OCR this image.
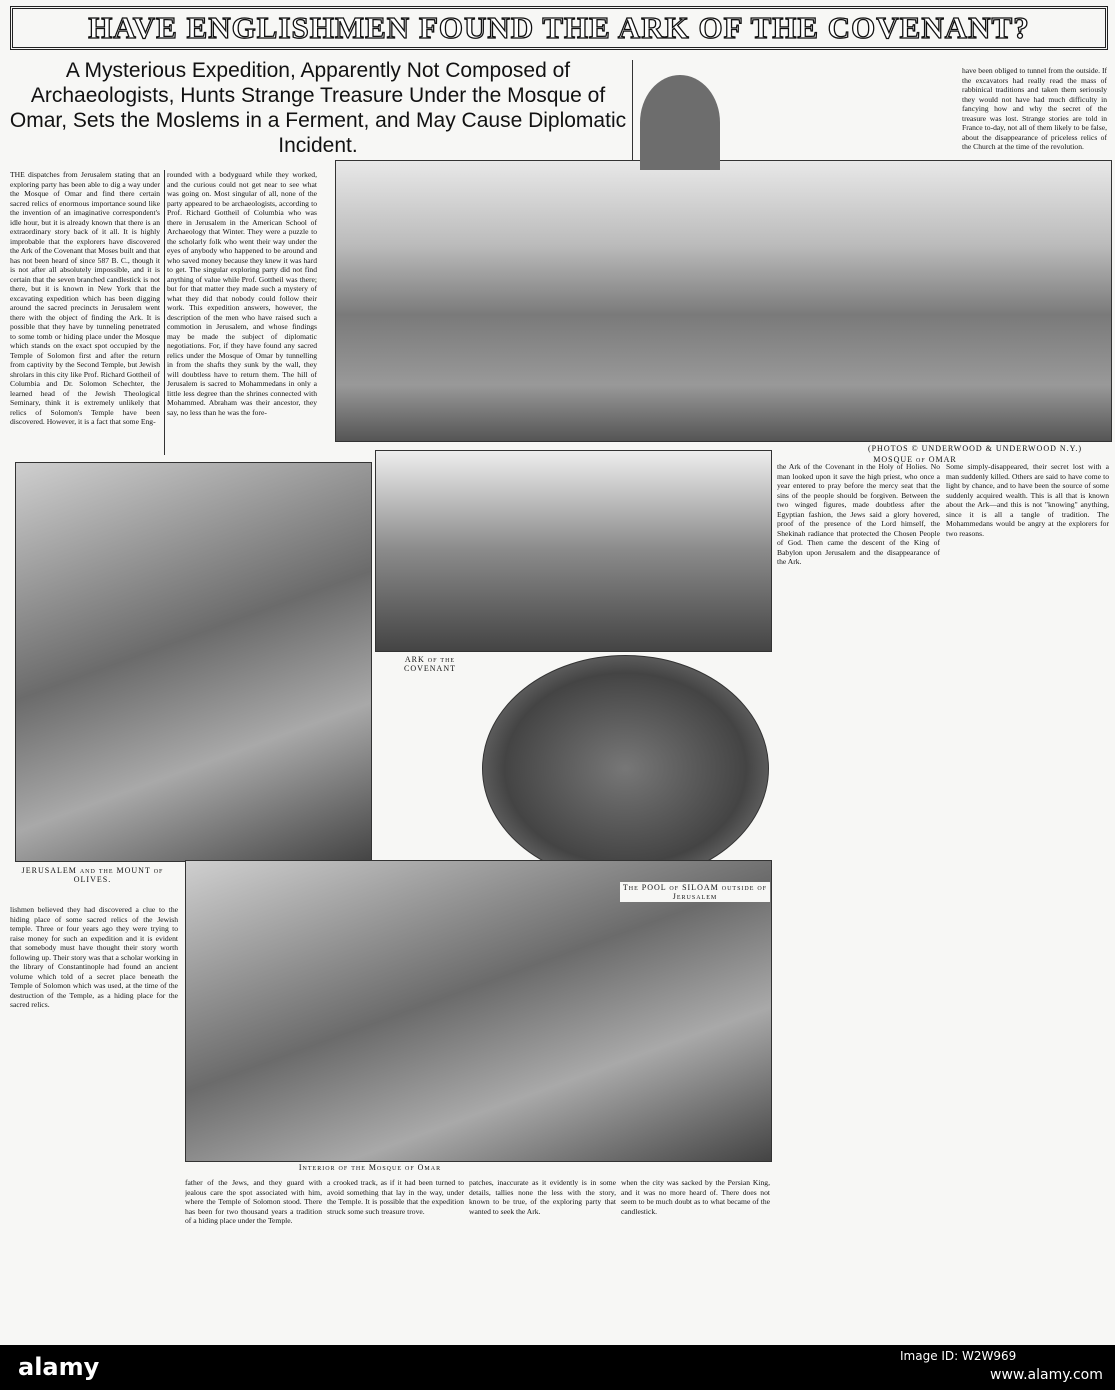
HAVE ENGLISHMEN FOUND THE ARK OF THE COVENANT?
A Mysterious Expedition, Apparently Not Composed of Archaeologists, Hunts Strange Treasure Under the Mosque of Omar, Sets the Moslems in a Ferment, and May Cause Diplomatic Incident.
have been obliged to tunnel from the outside. If the excavators had really read the mass of rabbinical traditions and taken them seriously they would not have had much difficulty in fancying how and why the secret of the treasure was lost. Strange stories are told in France to-day, not all of them likely to be false, about the disappearance of priceless relics of the Church at the time of the revolution.
(PHOTOS © UNDERWOOD & UNDERWOOD N.Y.)
MOSQUE of OMAR
THE dispatches from Jerusalem stating that an exploring party has been able to dig a way under the Mosque of Omar and find there certain sacred relics of enormous importance sound like the invention of an imaginative correspondent's idle hour, but it is already known that there is an extraordinary story back of it all. It is highly improbable that the explorers have discovered the Ark of the Covenant that Moses built and that has not been heard of since 587 B. C., though it is not after all absolutely impossible, and it is certain that the seven branched candlestick is not there, but it is known in New York that the excavating expedition which has been digging around the sacred precincts in Jerusalem went there with the object of finding the Ark. It is possible that they have by tunneling penetrated to some tomb or hiding place under the Mosque which stands on the exact spot occupied by the Temple of Solomon first and after the return from captivity by the Second Temple, but Jewish shrolars in this city like Prof. Richard Gottheil of Columbia and Dr. Solomon Schechter, the learned head of the Jewish Theological Seminary, think it is extremely unlikely that relics of Solomon's Temple have been discovered. However, it is a fact that some Eng-
rounded with a bodyguard while they worked, and the curious could not get near to see what was going on. Most singular of all, none of the party appeared to be archaeologists, according to Prof. Richard Gottheil of Columbia who was there in Jerusalem in the American School of Archaeology that Winter. They were a puzzle to the scholarly folk who went their way under the eyes of anybody who happened to be around and who saved money because they knew it was hard to get. The singular exploring party did not find anything of value while Prof. Gottheil was there; but for that matter they made such a mystery of what they did that nobody could follow their work. This expedition answers, however, the description of the men who have raised such a commotion in Jerusalem, and whose findings may be made the subject of diplomatic negotiations. For, if they have found any sacred relics under the Mosque of Omar by tunnelling in from the shafts they sunk by the wall, they will doubtless have to return them. The hill of Jerusalem is sacred to Mohammedans in only a little less degree than the shrines connected with Mohammed. Abraham was their ancestor, they say, no less than he was the fore-
JERUSALEM and the MOUNT of OLIVES.
ARK of the COVENANT
the Ark of the Covenant in the Holy of Holies. No man looked upon it save the high priest, who once a year entered to pray before the mercy seat that the sins of the people should be forgiven. Between the two winged figures, made doubtless after the Egyptian fashion, the Jews said a glory hovered, proof of the presence of the Lord himself, the Shekinah radiance that protected the Chosen People of God. Then came the descent of the King of Babylon upon Jerusalem and the disappearance of the Ark.
Some simply-disappeared, their secret lost with a man suddenly killed. Others are said to have come to light by chance, and to have been the source of some suddenly acquired wealth. This is all that is known about the Ark—and this is not "knowing" anything, since it is all a tangle of tradition. The Mohammedans would be angry at the explorers for two reasons.
lishmen believed they had discovered a clue to the hiding place of some sacred relics of the Jewish temple. Three or four years ago they were trying to raise money for such an expedition and it is evident that somebody must have thought their story worth following up. Their story was that a scholar working in the library of Constantinople had found an ancient volume which told of a secret place beneath the Temple of Solomon which was used, at the time of the destruction of the Temple, as a hiding place for the sacred relics.
The POOL of SILOAM outside of Jerusalem
Interior of the Mosque of Omar
father of the Jews, and they guard with jealous care the spot associated with him, where the Temple of Solomon stood. There has been for two thousand years a tradition of a hiding place under the Temple.
a crooked track, as if it had been turned to avoid something that lay in the way, under the Temple. It is possible that the expedition struck some such treasure trove.
patches, inaccurate as it evidently is in some details, tallies none the less with the story, known to be true, of the exploring party that wanted to seek the Ark.
when the city was sacked by the Persian King, and it was no more heard of. There does not seem to be much doubt as to what became of the candlestick.
alamy	Image ID: W2W969
www.alamy.com
